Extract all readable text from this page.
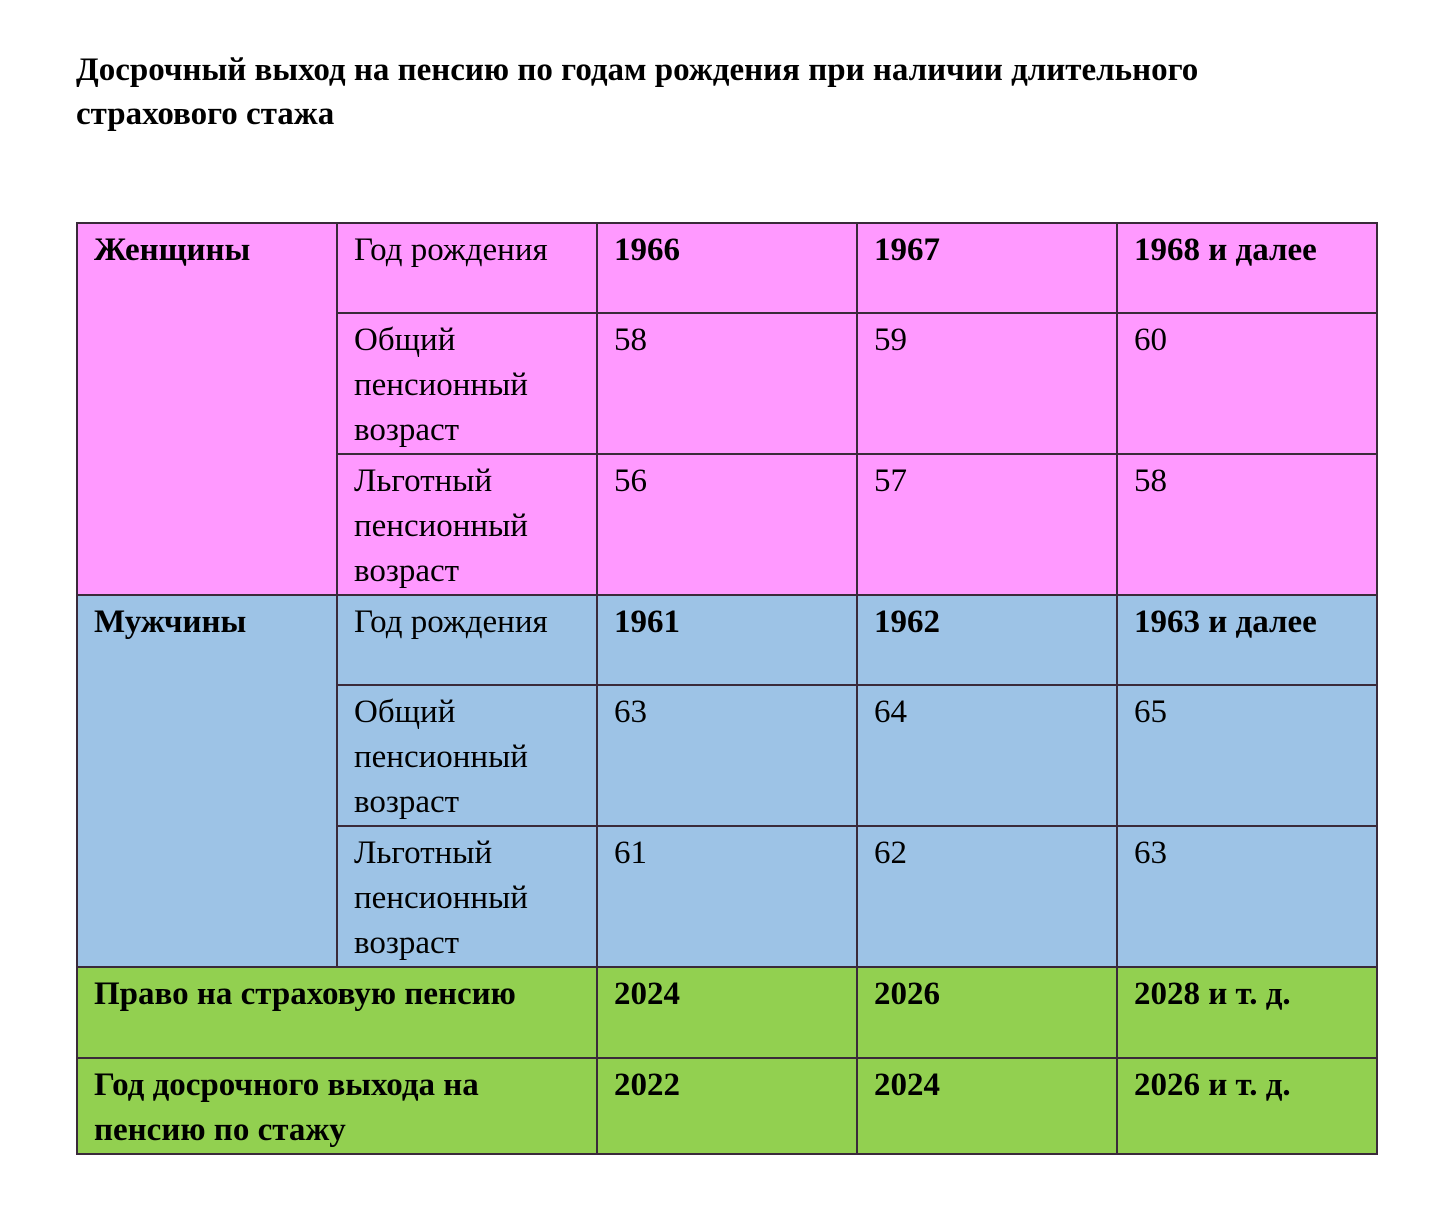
Досрочный выход на пенсию по годам рождения при наличии длительного страхового стажа
Женщины	Год рождения	1966	1967	1968 и далее
	Общий пенсионный возраст	58	59	60
	Льготный пенсионный возраст	56	57	58
Мужчины	Год рождения	1961	1962	1963 и далее
	Общий пенсионный возраст	63	64	65
	Льготный пенсионный возраст	61	62	63
Право на страховую пенсию		2024	2026	2028 и т. д.
Год досрочного выхода на пенсию по стажу		2022	2024	2026 и т. д.
